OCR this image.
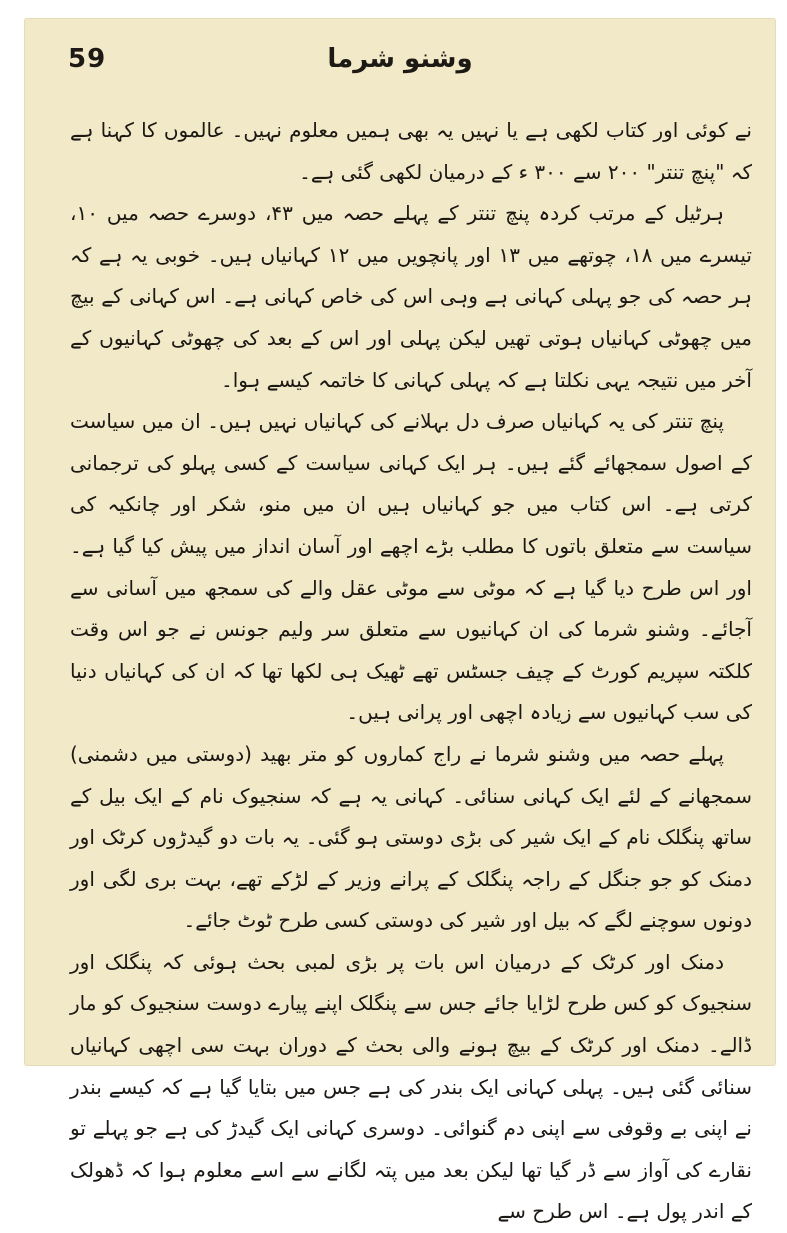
59	وشنو شرما

نے کوئی اور کتاب لکھی ہے یا نہیں یہ بھی ہمیں معلوم نہیں۔ عالموں کا کہنا ہے کہ "پنچ تنتر" ۲۰۰ سے ۳۰۰ ء کے درمیان لکھی گئی ہے۔

ہرٹیل کے مرتب کردہ پنچ تنتر کے پہلے حصہ میں ۴۳، دوسرے حصہ میں ۱۰، تیسرے میں ۱۸، چوتھے میں ۱۳ اور پانچویں میں ۱۲ کہانیاں ہیں۔ خوبی یہ ہے کہ ہر حصہ کی جو پہلی کہانی ہے وہی اس کی خاص کہانی ہے۔ اس کہانی کے بیچ میں چھوٹی کہانیاں ہوتی تھیں لیکن پہلی اور اس کے بعد کی چھوٹی کہانیوں کے آخر میں نتیجہ یہی نکلتا ہے کہ پہلی کہانی کا خاتمہ کیسے ہوا۔

پنچ تنتر کی یہ کہانیاں صرف دل بہلانے کی کہانیاں نہیں ہیں۔ ان میں سیاست کے اصول سمجھائے گئے ہیں۔ ہر ایک کہانی سیاست کے کسی پہلو کی ترجمانی کرتی ہے۔ اس کتاب میں جو کہانیاں ہیں ان میں منو، شکر اور چانکیہ کی سیاست سے متعلق باتوں کا مطلب بڑے اچھے اور آسان انداز میں پیش کیا گیا ہے۔ اور اس طرح دیا گیا ہے کہ موٹی سے موٹی عقل والے کی سمجھ میں آسانی سے آجائے۔ وشنو شرما کی ان کہانیوں سے متعلق سر ولیم جونس نے جو اس وقت کلکتہ سپریم کورٹ کے چیف جسٹس تھے ٹھیک ہی لکھا تھا کہ ان کی کہانیاں دنیا کی سب کہانیوں سے زیادہ اچھی اور پرانی ہیں۔

پہلے حصہ میں وشنو شرما نے راج کماروں کو متر بھید (دوستی میں دشمنی) سمجھانے کے لئے ایک کہانی سنائی۔ کہانی یہ ہے کہ سنجیوک نام کے ایک بیل کے ساتھ پنگلک نام کے ایک شیر کی بڑی دوستی ہو گئی۔ یہ بات دو گیدڑوں کرٹک اور دمنک کو جو جنگل کے راجہ پنگلک کے پرانے وزیر کے لڑکے تھے، بہت بری لگی اور دونوں سوچنے لگے کہ بیل اور شیر کی دوستی کسی طرح ٹوٹ جائے۔

دمنک اور کرٹک کے درمیان اس بات پر بڑی لمبی بحث ہوئی کہ پنگلک اور سنجیوک کو کس طرح لڑایا جائے جس سے پنگلک اپنے پیارے دوست سنجیوک کو مار ڈالے۔ دمنک اور کرٹک کے بیچ ہونے والی بحث کے دوران بہت سی اچھی کہانیاں سنائی گئی ہیں۔ پہلی کہانی ایک بندر کی ہے جس میں بتایا گیا ہے کہ کیسے بندر نے اپنی بے وقوفی سے اپنی دم گنوائی۔ دوسری کہانی ایک گیدڑ کی ہے جو پہلے تو نقارے کی آواز سے ڈر گیا تھا لیکن بعد میں پتہ لگانے سے اسے معلوم ہوا کہ ڈھولک کے اندر پول ہے۔ اس طرح سے
